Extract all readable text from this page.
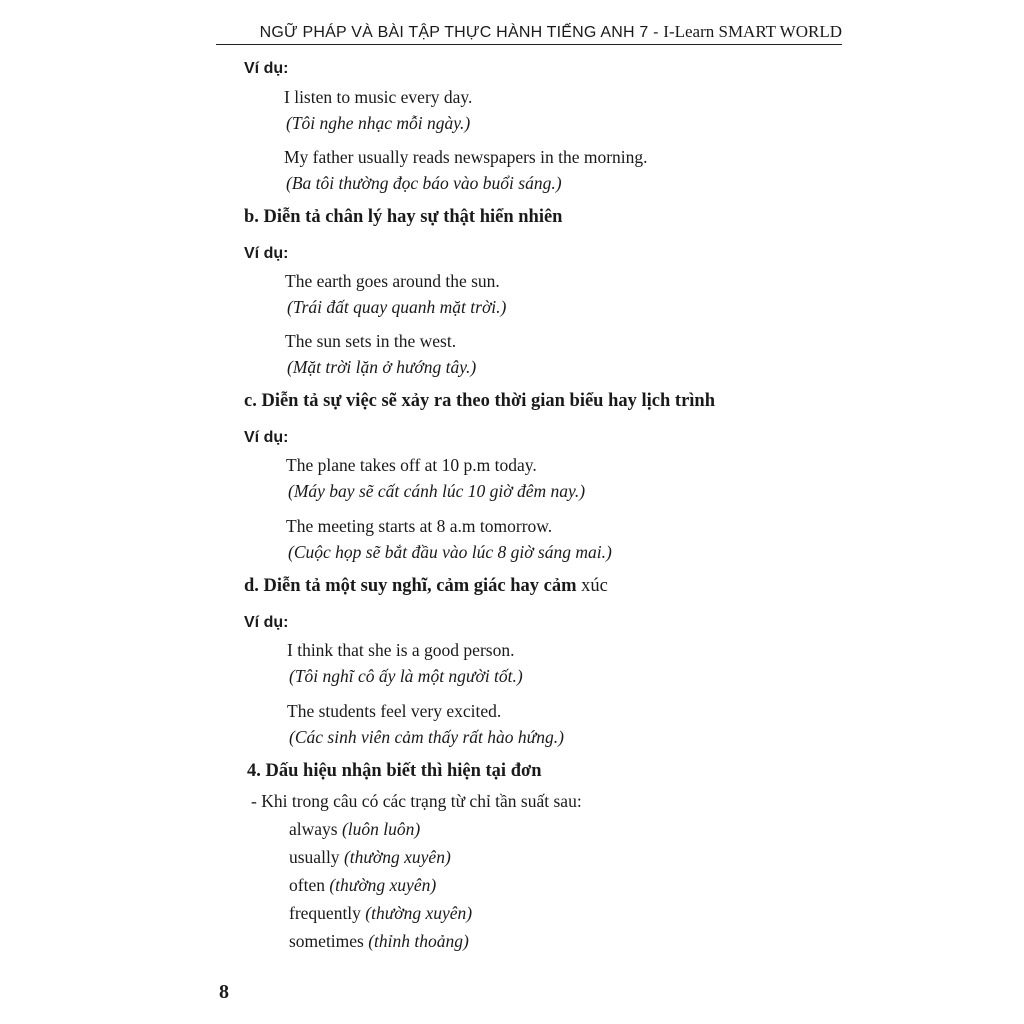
NGỮ PHÁP VÀ BÀI TẬP THỰC HÀNH TIẾNG ANH 7 - I-Learn SMART WORLD
Ví dụ:
I listen to music every day.
(Tôi nghe nhạc mỗi ngày.)
My father usually reads newspapers in the morning.
(Ba tôi thường đọc báo vào buổi sáng.)
b. Diễn tả chân lý hay sự thật hiển nhiên
Ví dụ:
The earth goes around the sun.
(Trái đất quay quanh mặt trời.)
The sun sets in the west.
(Mặt trời lặn ở hướng tây.)
c. Diễn tả sự việc sẽ xảy ra theo thời gian biểu hay lịch trình
Ví dụ:
The plane takes off at 10 p.m today.
(Máy bay sẽ cất cánh lúc 10 giờ đêm nay.)
The meeting starts at 8 a.m tomorrow.
(Cuộc họp sẽ bắt đầu vào lúc 8 giờ sáng mai.)
d. Diễn tả một suy nghĩ, cảm giác hay cảm xúc
Ví dụ:
I think that she is a good person.
(Tôi nghĩ cô ấy là một người tốt.)
The students feel very excited.
(Các sinh viên cảm thấy rất hào hứng.)
4. Dấu hiệu nhận biết thì hiện tại đơn
- Khi trong câu có các trạng từ chỉ tần suất sau:
always (luôn luôn)
usually (thường xuyên)
often (thường xuyên)
frequently (thường xuyên)
sometimes (thỉnh thoảng)
8
